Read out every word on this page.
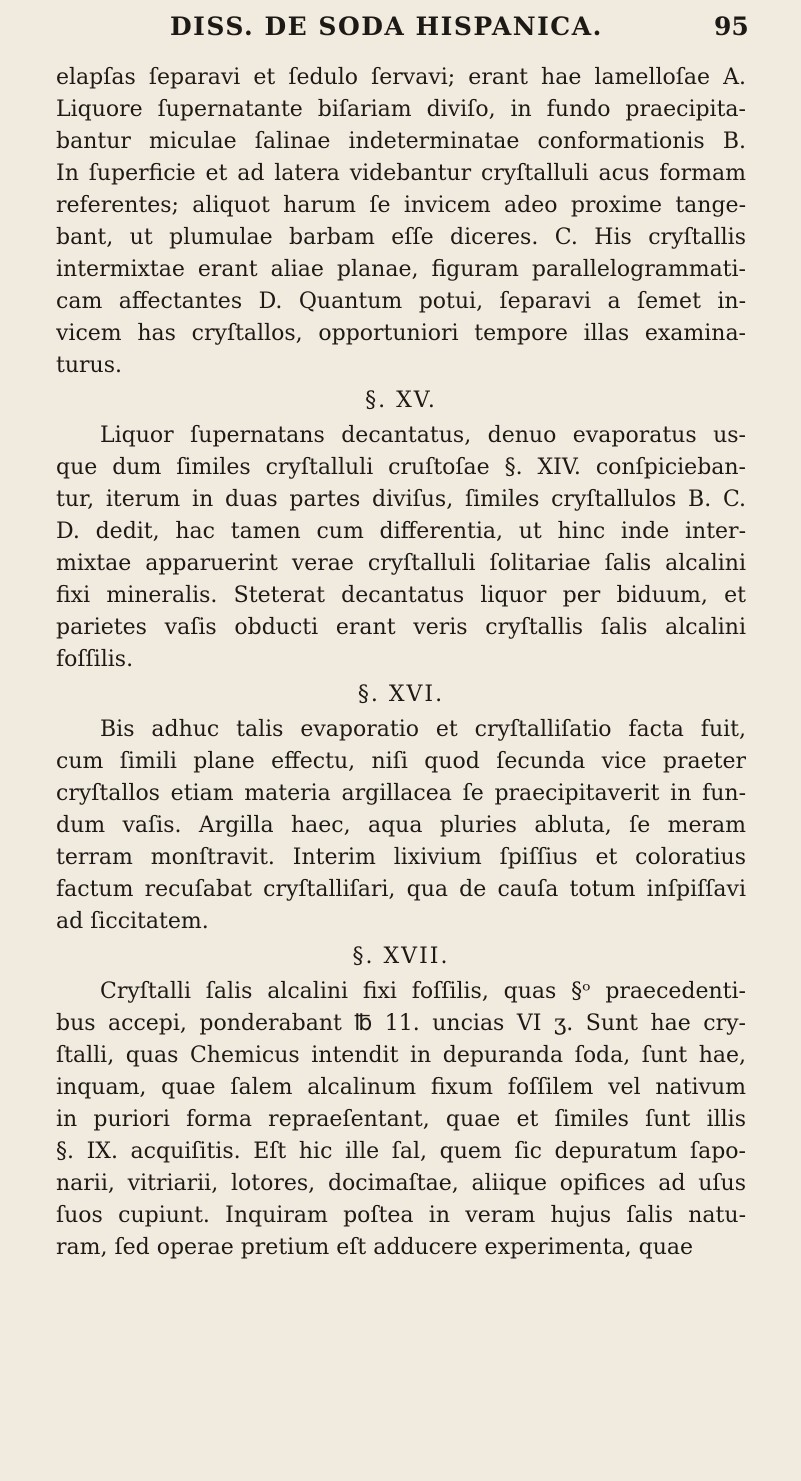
DISS. DE SODA HISPANICA.	95
elapſas ſeparavi et ſedulo ſervavi; erant hae lamelloſae A.
Liquore ſupernatante biſariam diviſo, in fundo praecipita-
bantur miculae ſalinae indeterminatae conformationis B.
In ſuperficie et ad latera videbantur cryſtalluli acus formam
referentes; aliquot harum ſe invicem adeo proxime tange-
bant, ut plumulae barbam eſſe diceres. C. His cryſtallis
intermixtae erant aliae planae, figuram parallelogrammati-
cam affectantes D. Quantum potui, ſeparavi a ſemet in-
vicem has cryſtallos, opportuniori tempore illas examina-
turus.
§. XV.
Liquor ſupernatans decantatus, denuo evaporatus us-
que dum ſimiles cryſtalluli cruſtoſae §. XIV. conſpicieban-
tur, iterum in duas partes diviſus, ſimiles cryſtallulos B. C.
D. dedit, hac tamen cum differentia, ut hinc inde inter-
mixtae apparuerint verae cryſtalluli ſolitariae ſalis alcalini
fixi mineralis. Steterat decantatus liquor per biduum, et
parietes vaſis obducti erant veris cryſtallis ſalis alcalini
foſſilis.
§. XVI.
Bis adhuc talis evaporatio et cryſtalliſatio facta fuit,
cum ſimili plane effectu, niſi quod ſecunda vice praeter
cryſtallos etiam materia argillacea ſe praecipitaverit in fun-
dum vaſis. Argilla haec, aqua pluries abluta, ſe meram
terram monſtravit. Interim lixivium ſpiſſius et coloratius
factum recuſabat cryſtalliſari, qua de cauſa totum inſpiſſavi
ad ſiccitatem.
§. XVII.
Cryſtalli ſalis alcalini fixi foſſilis, quas §ᵒ praecedenti-
bus accepi, ponderabant ℔ 11. uncias VI ʒ. Sunt hae cry-
ſtalli, quas Chemicus intendit in depuranda ſoda, ſunt hae,
inquam, quae ſalem alcalinum fixum foſſilem vel nativum
in puriori forma repraeſentant, quae et ſimiles ſunt illis
§. IX. acquiſitis. Eſt hic ille ſal, quem ſic depuratum ſapo-
narii, vitriarii, lotores, docimaſtae, aliique opifices ad uſus
ſuos cupiunt. Inquiram poſtea in veram hujus ſalis natu-
ram, ſed operae pretium eſt adducere experimenta, quae
